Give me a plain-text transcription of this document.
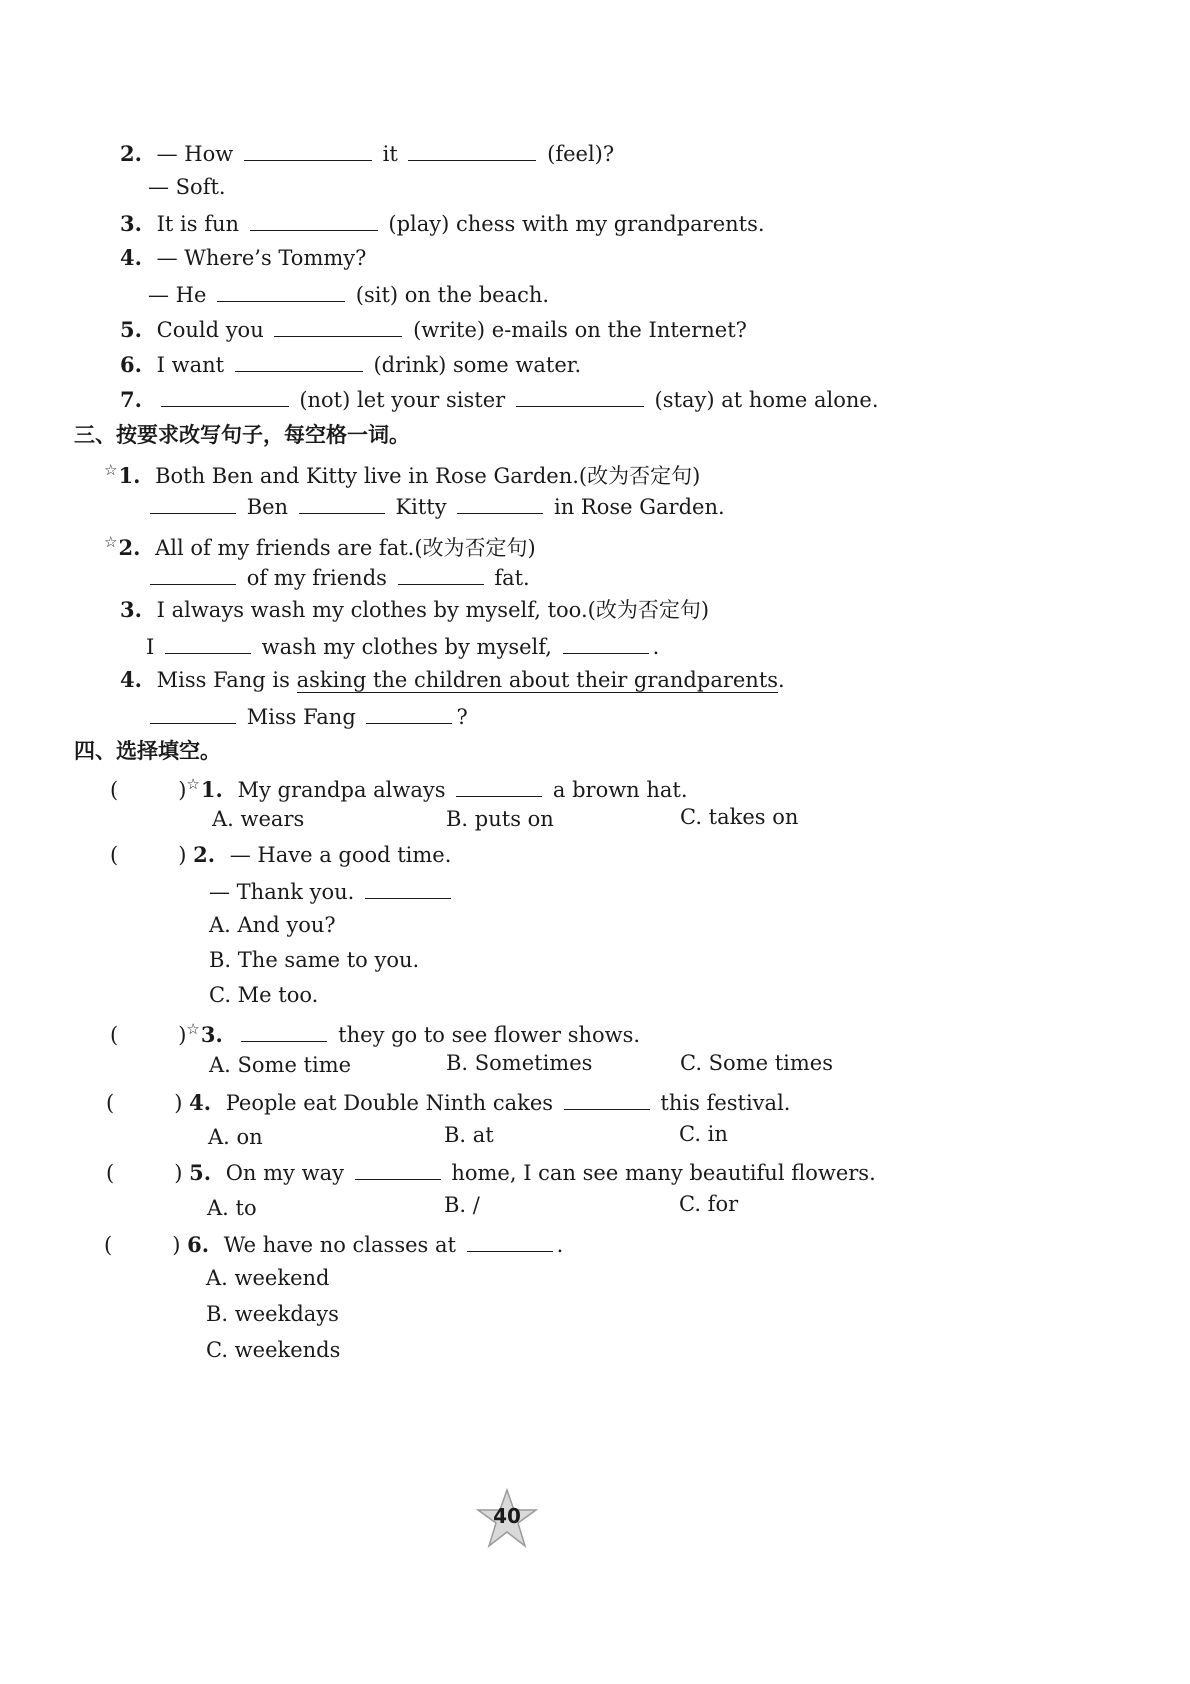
2. — How	it	(feel)?
— Soft.
3. It is fun	(play) chess with my grandparents.
4. — Where’s Tommy?
— He	(sit) on the beach.
5. Could you	(write) e-mails on the Internet?
6. I want	(drink) some water.
7.	(not) let your sister	(stay) at home alone.
三、按要求改写句子，每空格一词。
☆1. Both Ben and Kitty live in Rose Garden.(改为否定句)
Ben	Kitty	in Rose Garden.
☆2. All of my friends are fat.(改为否定句)
of my friends	fat.
3. I always wash my clothes by myself, too.(改为否定句)
I	wash my clothes by myself,	.
4. Miss Fang is asking the children about their grandparents.
Miss Fang	?
四、选择填空。
(	)☆1. My grandpa always	a brown hat.
A. wears	B. puts on	C. takes on
(	) 2. — Have a good time.
— Thank you.
A. And you?
B. The same to you.
C. Me too.
(	)☆3.	they go to see flower shows.
A. Some time	B. Sometimes	C. Some times
(	) 4. People eat Double Ninth cakes	this festival.
A. on	B. at	C. in
(	) 5. On my way	home, I can see many beautiful flowers.
A. to	B. /	C. for
(	) 6. We have no classes at	.
A. weekend
B. weekdays
C. weekends
40
